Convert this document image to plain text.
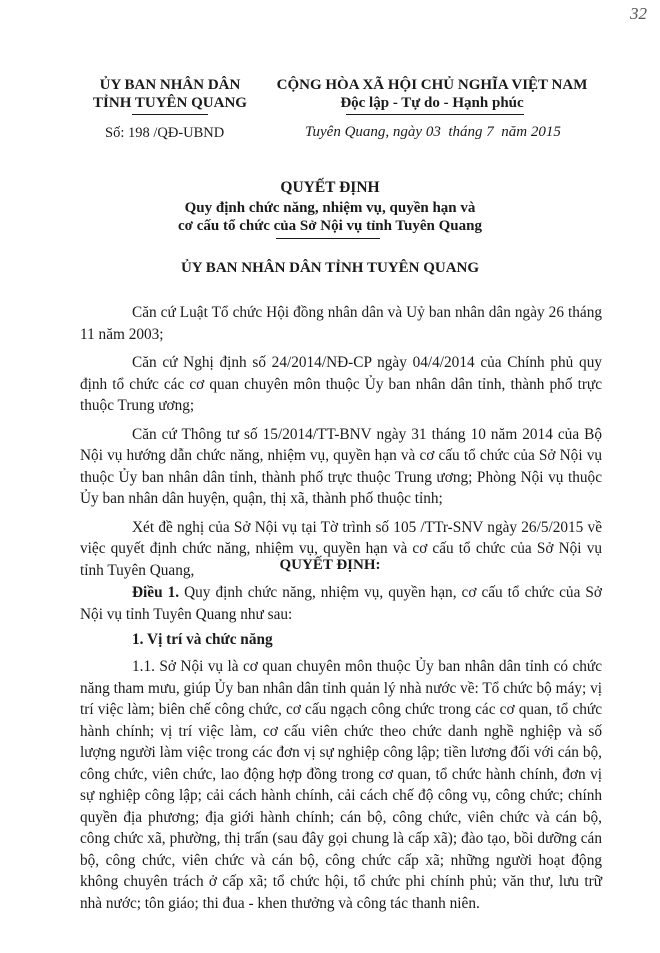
32
ỦY BAN NHÂN DÂN
TỈNH TUYÊN QUANG
CỘNG HÒA XÃ HỘI CHỦ NGHĨA VIỆT NAM
Độc lập - Tự do - Hạnh phúc
Số: 198 /QĐ-UBND	Tuyên Quang, ngày 03  tháng 7  năm 2015
QUYẾT ĐỊNH
Quy định chức năng, nhiệm vụ, quyền hạn và
cơ cấu tổ chức của Sở Nội vụ tỉnh Tuyên Quang
ỦY BAN NHÂN DÂN TỈNH TUYÊN QUANG

Căn cứ Luật Tổ chức Hội đồng nhân dân và Uỷ ban nhân dân ngày 26 tháng 11 năm 2003;

Căn cứ Nghị định số 24/2014/NĐ-CP ngày 04/4/2014 của Chính phủ quy định tổ chức các cơ quan chuyên môn thuộc Ủy ban nhân dân tỉnh, thành phố trực thuộc Trung ương;

Căn cứ Thông tư số 15/2014/TT-BNV ngày 31 tháng 10 năm 2014 của Bộ Nội vụ hướng dẫn chức năng, nhiệm vụ, quyền hạn và cơ cấu tổ chức của Sở Nội vụ thuộc Ủy ban nhân dân tỉnh, thành phố trực thuộc Trung ương; Phòng Nội vụ thuộc Ủy ban nhân dân huyện, quận, thị xã, thành phố thuộc tỉnh;

Xét đề nghị của Sở Nội vụ tại Tờ trình số 105 /TTr-SNV ngày 26/5/2015 về việc quyết định chức năng, nhiệm vụ, quyền hạn và cơ cấu tổ chức của Sở Nội vụ tỉnh Tuyên Quang,	QUYẾT ĐỊNH:

Điều 1. Quy định chức năng, nhiệm vụ, quyền hạn, cơ cấu tổ chức của Sở Nội vụ tỉnh Tuyên Quang như sau:

1. Vị trí và chức năng

1.1. Sở Nội vụ là cơ quan chuyên môn thuộc Ủy ban nhân dân tỉnh có chức năng tham mưu, giúp Ủy ban nhân dân tỉnh quản lý nhà nước về: Tổ chức bộ máy; vị trí việc làm; biên chế công chức, cơ cấu ngạch công chức trong các cơ quan, tổ chức hành chính; vị trí việc làm, cơ cấu viên chức theo chức danh nghề nghiệp và số lượng người làm việc trong các đơn vị sự nghiệp công lập; tiền lương đối với cán bộ, công chức, viên chức, lao động hợp đồng trong cơ quan, tổ chức hành chính, đơn vị sự nghiệp công lập; cải cách hành chính, cải cách chế độ công vụ, công chức; chính quyền địa phương; địa giới hành chính; cán bộ, công chức, viên chức và cán bộ, công chức xã, phường, thị trấn (sau đây gọi chung là cấp xã); đào tạo, bồi dưỡng cán bộ, công chức, viên chức và cán bộ, công chức cấp xã; những người hoạt động không chuyên trách ở cấp xã; tổ chức hội, tổ chức phi chính phủ; văn thư, lưu trữ nhà nước; tôn giáo; thi đua - khen thưởng và công tác thanh niên.
